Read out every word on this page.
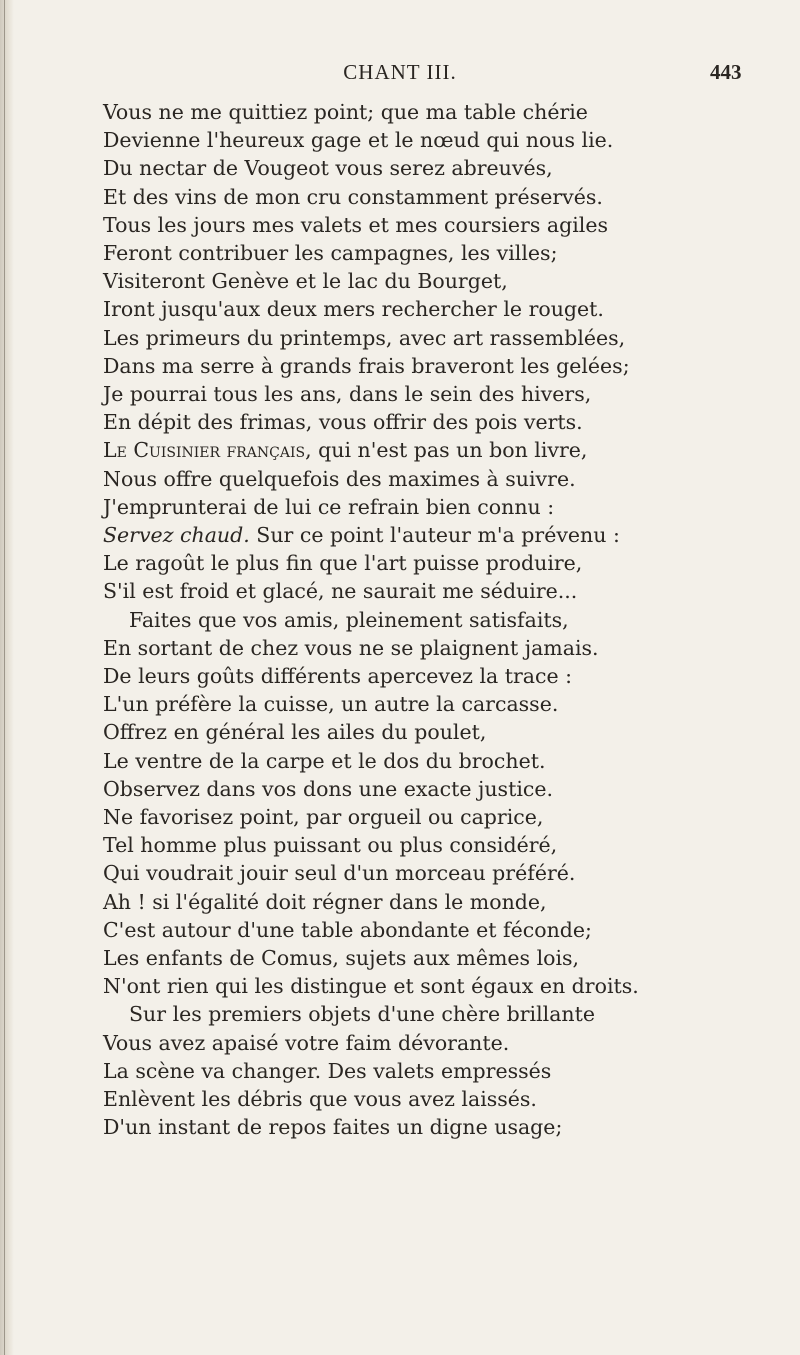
CHANT III.	443
Vous ne me quittiez point; que ma table chérie
Devienne l'heureux gage et le nœud qui nous lie.
Du nectar de Vougeot vous serez abreuvés,
Et des vins de mon cru constamment préservés.
Tous les jours mes valets et mes coursiers agiles
Feront contribuer les campagnes, les villes;
Visiteront Genève et le lac du Bourget,
Iront jusqu'aux deux mers rechercher le rouget.
Les primeurs du printemps, avec art rassemblées,
Dans ma serre à grands frais braveront les gelées;
Je pourrai tous les ans, dans le sein des hivers,
En dépit des frimas, vous offrir des pois verts.
Le Cuisinier français, qui n'est pas un bon livre,
Nous offre quelquefois des maximes à suivre.
J'emprunterai de lui ce refrain bien connu :
Servez chaud. Sur ce point l'auteur m'a prévenu :
Le ragoût le plus fin que l'art puisse produire,
S'il est froid et glacé, ne saurait me séduire...
Faites que vos amis, pleinement satisfaits,
En sortant de chez vous ne se plaignent jamais.
De leurs goûts différents apercevez la trace :
L'un préfère la cuisse, un autre la carcasse.
Offrez en général les ailes du poulet,
Le ventre de la carpe et le dos du brochet.
Observez dans vos dons une exacte justice.
Ne favorisez point, par orgueil ou caprice,
Tel homme plus puissant ou plus considéré,
Qui voudrait jouir seul d'un morceau préféré.
Ah ! si l'égalité doit régner dans le monde,
C'est autour d'une table abondante et féconde;
Les enfants de Comus, sujets aux mêmes lois,
N'ont rien qui les distingue et sont égaux en droits.
Sur les premiers objets d'une chère brillante
Vous avez apaisé votre faim dévorante.
La scène va changer. Des valets empressés
Enlèvent les débris que vous avez laissés.
D'un instant de repos faites un digne usage;
